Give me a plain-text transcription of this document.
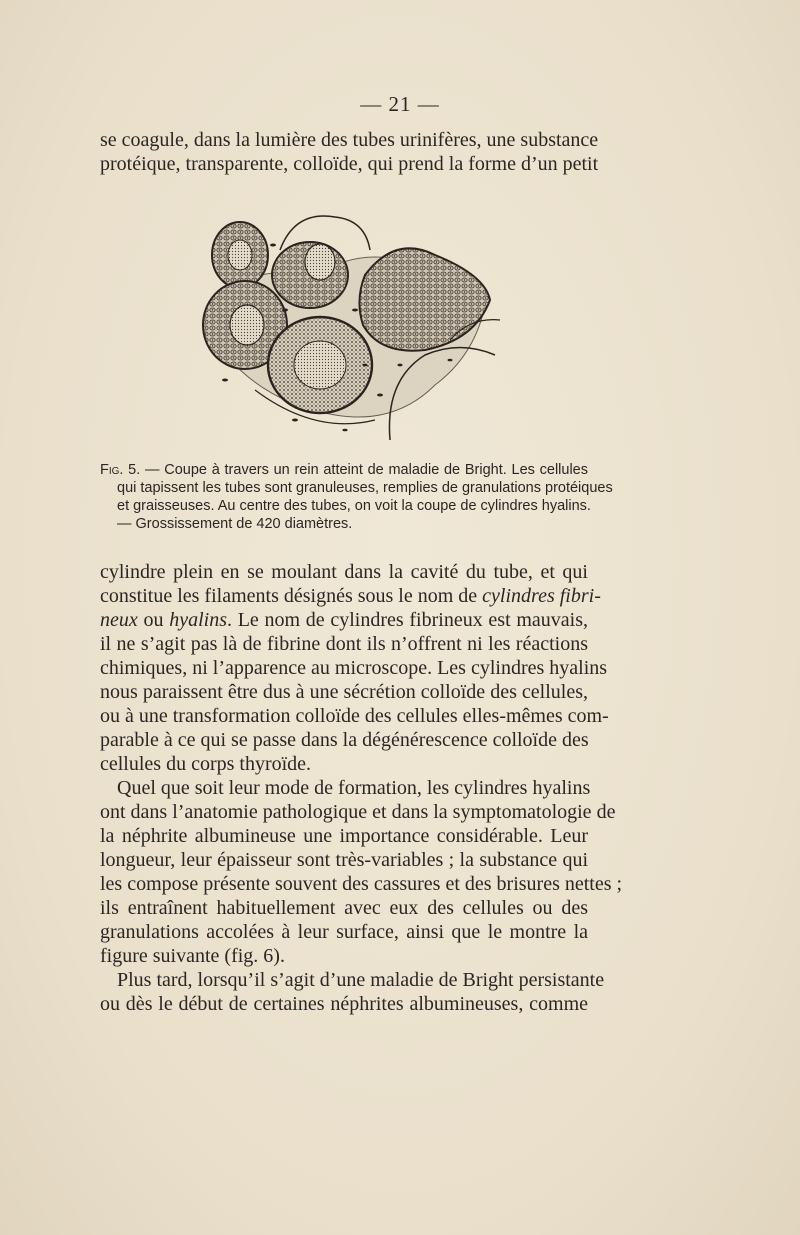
— 21 —
se coagule, dans la lumière des tubes urinifères, une substance
protéique, transparente, colloïde, qui prend la forme d’un petit
Fig. 5. — Coupe à travers un rein atteint de maladie de Bright. Les cellules
qui tapissent les tubes sont granuleuses, remplies de granulations protéiques
et graisseuses. Au centre des tubes, on voit la coupe de cylindres hyalins.
— Grossissement de 420 diamètres.
cylindre plein en se moulant dans la cavité du tube, et qui
constitue les filaments désignés sous le nom de cylindres fibri-
neux ou hyalins. Le nom de cylindres fibrineux est mauvais,
il ne s’agit pas là de fibrine dont ils n’offrent ni les réactions
chimiques, ni l’apparence au microscope. Les cylindres hyalins
nous paraissent être dus à une sécrétion colloïde des cellules,
ou à une transformation colloïde des cellules elles-mêmes com-
parable à ce qui se passe dans la dégénérescence colloïde des
cellules du corps thyroïde.
Quel que soit leur mode de formation, les cylindres hyalins
ont dans l’anatomie pathologique et dans la symptomatologie de
la néphrite albumineuse une importance considérable. Leur
longueur, leur épaisseur sont très-variables ; la substance qui
les compose présente souvent des cassures et des brisures nettes ;
ils entraînent habituellement avec eux des cellules ou des
granulations accolées à leur surface, ainsi que le montre la
figure suivante (fig. 6).
Plus tard, lorsqu’il s’agit d’une maladie de Bright persistante
ou dès le début de certaines néphrites albumineuses, comme
